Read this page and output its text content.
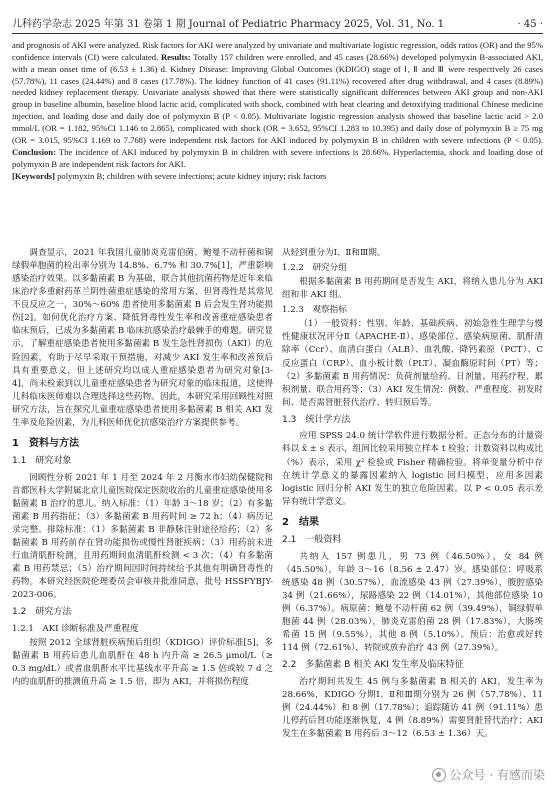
儿科药学杂志 2025 年第 31 卷第 1 期 Journal of Pediatric Pharmacy 2025, Vol. 31, No. 1	· 45 ·
and prognosis of AKI were analyzed. Risk factors for AKI were analyzed by univariate and multivariate logistic regression, odds ratios (OR) and the 95% confidence intervals (CI) were calculated. Results: Totally 157 children were enrolled, and 45 cases (28.66%) developed polymyxin B-associated AKI, with a mean onset time of (6.53 ± 1.36) d. Kidney Disease: Improving Global Outcomes (KDIGO) stage of Ⅰ, Ⅱ and Ⅲ were respectively 26 cases (57.78%), 11 cases (24.44%) and 8 cases (17.78%). The kidney function of 41 cases (91.11%) recovered after drug withdrawal, and 4 cases (8.89%) needed kidney replacement therapy. Univariate analysis showed that there were statistically significant differences between AKI group and non-AKI group in baseline albumin, baseline blood lactic acid, complicated with shock, combined with heat clearing and detoxifying traditional Chinese medicine injection, and loading dose and daily doe of polymyxin B (P < 0.05). Multivariate logistic regression analysis showed that baseline lactic acid > 2.0 mmol/L (OR = 1.182, 95%CI 1.146 to 2.865), complicated with shock (OR = 3.652, 95%CI 1.283 to 10.395) and daily dose of polymyxin B ≥ 75 mg (OR = 3.015, 95%CI 1.169 to 7.768) were independent risk factors for AKI induced by polymyxin B in children with severe infections (P < 0.05). Conclusion: The incidence of AKI induced by polymyxin B in children with severe infections is 28.66%. Hyperlactemia, shock and loading dose of polymyxin B are independent risk factors for AKI.
[Keywords] polymyxin B; children with severe infections; acute kidney injury; risk factors

调查显示，2021 年我国儿童肺炎克雷伯菌、鲍曼不动杆菌和铜绿假单胞菌的检出率分别为 14.8%、6.7% 和 30.7%[1]，严重影响感染治疗效果。以多黏菌素 B 为基础，联合其他抗菌药物是近年来临床治疗多重耐药革兰阴性菌重症感染的常用方案，但肾毒性是其常见不良反应之一，30%～60% 患者使用多黏菌素 B 后会发生肾功能损伤[2]。如何优化治疗方案、降低肾毒性发生率和改善重症感染患者临床预后，已成为多黏菌素 B 临床抗感染治疗最棘手的难题。研究显示，了解重症感染患者使用多黏菌素 B 发生急性肾损伤（AKI）的危险因素，有助于尽早采取干预措施，对减少 AKI 发生率和改善预后具有重要意义，但上述研究均以成人重症感染患者为研究对象[3-4]，尚未检索到以儿童重症感染患者为研究对象的临床报道，这使得儿科临床医师难以合理选择这些药物。因此，本研究采用回顾性对照研究方法，旨在探究儿童重症感染患者使用多黏菌素 B 相关 AKI 发生率及危险因素，为儿科医师优化抗感染治疗方案提供参考。

1　资料与方法
1.1　研究对象

回顾性分析 2021 年 1 月至 2024 年 2 月衡水市妇幼保健院和首都医科大学附属北京儿童医院保定医院收治的儿童重症感染使用多黏菌素 B 治疗的患儿。纳入标准：（1）年龄 3～18 岁；（2）有多黏菌素 B 用药指征；（3）多黏菌素 B 用药时间 ≥ 72 h；（4）病历记录完整。排除标准：（1）多黏菌素 B 非静脉注射途径给药；（2）多黏菌素 B 用药前存在肾功能损伤或慢性肾脏疾病；（3）用药前未进行血清肌酐检测，且用药期间血清肌酐检测 < 3 次；（4）有多黏菌素 B 用药禁忌；（5）治疗期间因时间持续给予其他有明确肾毒性的药物。本研究经医院伦理委员会审核并批准同意，批号 HSSFYBJY-2023-006。

1.2　研究方法
1.2.1　AKI 诊断标准及严重程度

按照 2012 全球肾脏疾病预后组织（KDIGO）评价标准[5]，多黏菌素 B 用药后患儿血肌酐在 48 h 内升高 ≥ 26.5 μmol/L（≥ 0.3 mg/dL）或者血肌酐水平比基线水平升高 ≥ 1.5 倍或较 7 d 之内的血肌酐的推测值升高 ≥ 1.5 倍，即为 AKI，并将损伤程度

从轻到重分为Ⅰ、Ⅱ和Ⅲ期。

1.2.2　研究分组

根据多黏菌素 B 用药期间是否发生 AKI，将纳入患儿分为 AKI 组和非 AKI 组。

1.2.3　观察指标

（1）一般资料：性别、年龄、基础疾病、初始急性生理学与慢性健康状况评分Ⅱ（APACHE-Ⅱ）、感染部位、感染病原菌、肌酐清除率（Ccr）、血清白蛋白（ALB）、血乳酸、降钙素原（PCT）、C 反应蛋白（CRP）、血小板计数（PLT）、凝血酶原时间（PT）等；（2）多黏菌素 B 用药情况：负荷剂量给药、日剂量、用药疗程、累积剂量、联合用药等；（3）AKI 发生情况：例数、严重程度、初发时间、是否需肾脏替代治疗、转归预后等。

1.3　统计学方法

应用 SPSS 24.0 统计学软件进行数据分析。正态分布的计量资料以 x̄ ± s 表示，组间比较采用独立样本 t 检验；计数资料以构成比（%）表示，采用 χ² 检验或 Fisher 精确检验。将单变量分析中存在统计学意义的暴露因素纳入 logistic 回归模型，应用多因素 logistic 回归分析 AKI 发生的独立危险因素。以 P < 0.05 表示差异有统计学意义。

2　结果
2.1　一般资料

共纳入 157 例患儿，男 73 例（46.50%），女 84 例（45.50%），年龄 3～16（8.56 ± 2.47）岁。感染部位：呼吸系统感染 48 例（30.57%），血流感染 43 例（27.39%），腹腔感染 34 例（21.66%），尿路感染 22 例（14.01%），其他部位感染 10 例（6.37%）。病原菌：鲍曼不动杆菌 62 例（39.49%），铜绿假单胞菌 44 例（28.03%），肺炎克雷伯菌 28 例（17.83%），大肠埃希菌 15 例（9.55%），其他 8 例（5.10%）。预后：治愈或好转 114 例（72.61%），转院或放弃治疗 43 例（27.39%）。

2.2　多黏菌素 B 相关 AKI 发生率及临床特征

治疗期间共发生 45 例与多黏菌素 B 相关的 AKI，发生率为 28.66%，KDIGO 分期Ⅰ、Ⅱ和Ⅲ期分别为 26 例（57.78%）、11 例（24.44%）和 8 例（17.78%）；追踪随访 41 例（91.11%）患儿停药后肾功能逐渐恢复，4 例（8.89%）需要肾脏替代治疗；AKI 发生在多黏菌素 B 用药后 3～12（6.53 ± 1.36）天。

公众号 · 有感而染
